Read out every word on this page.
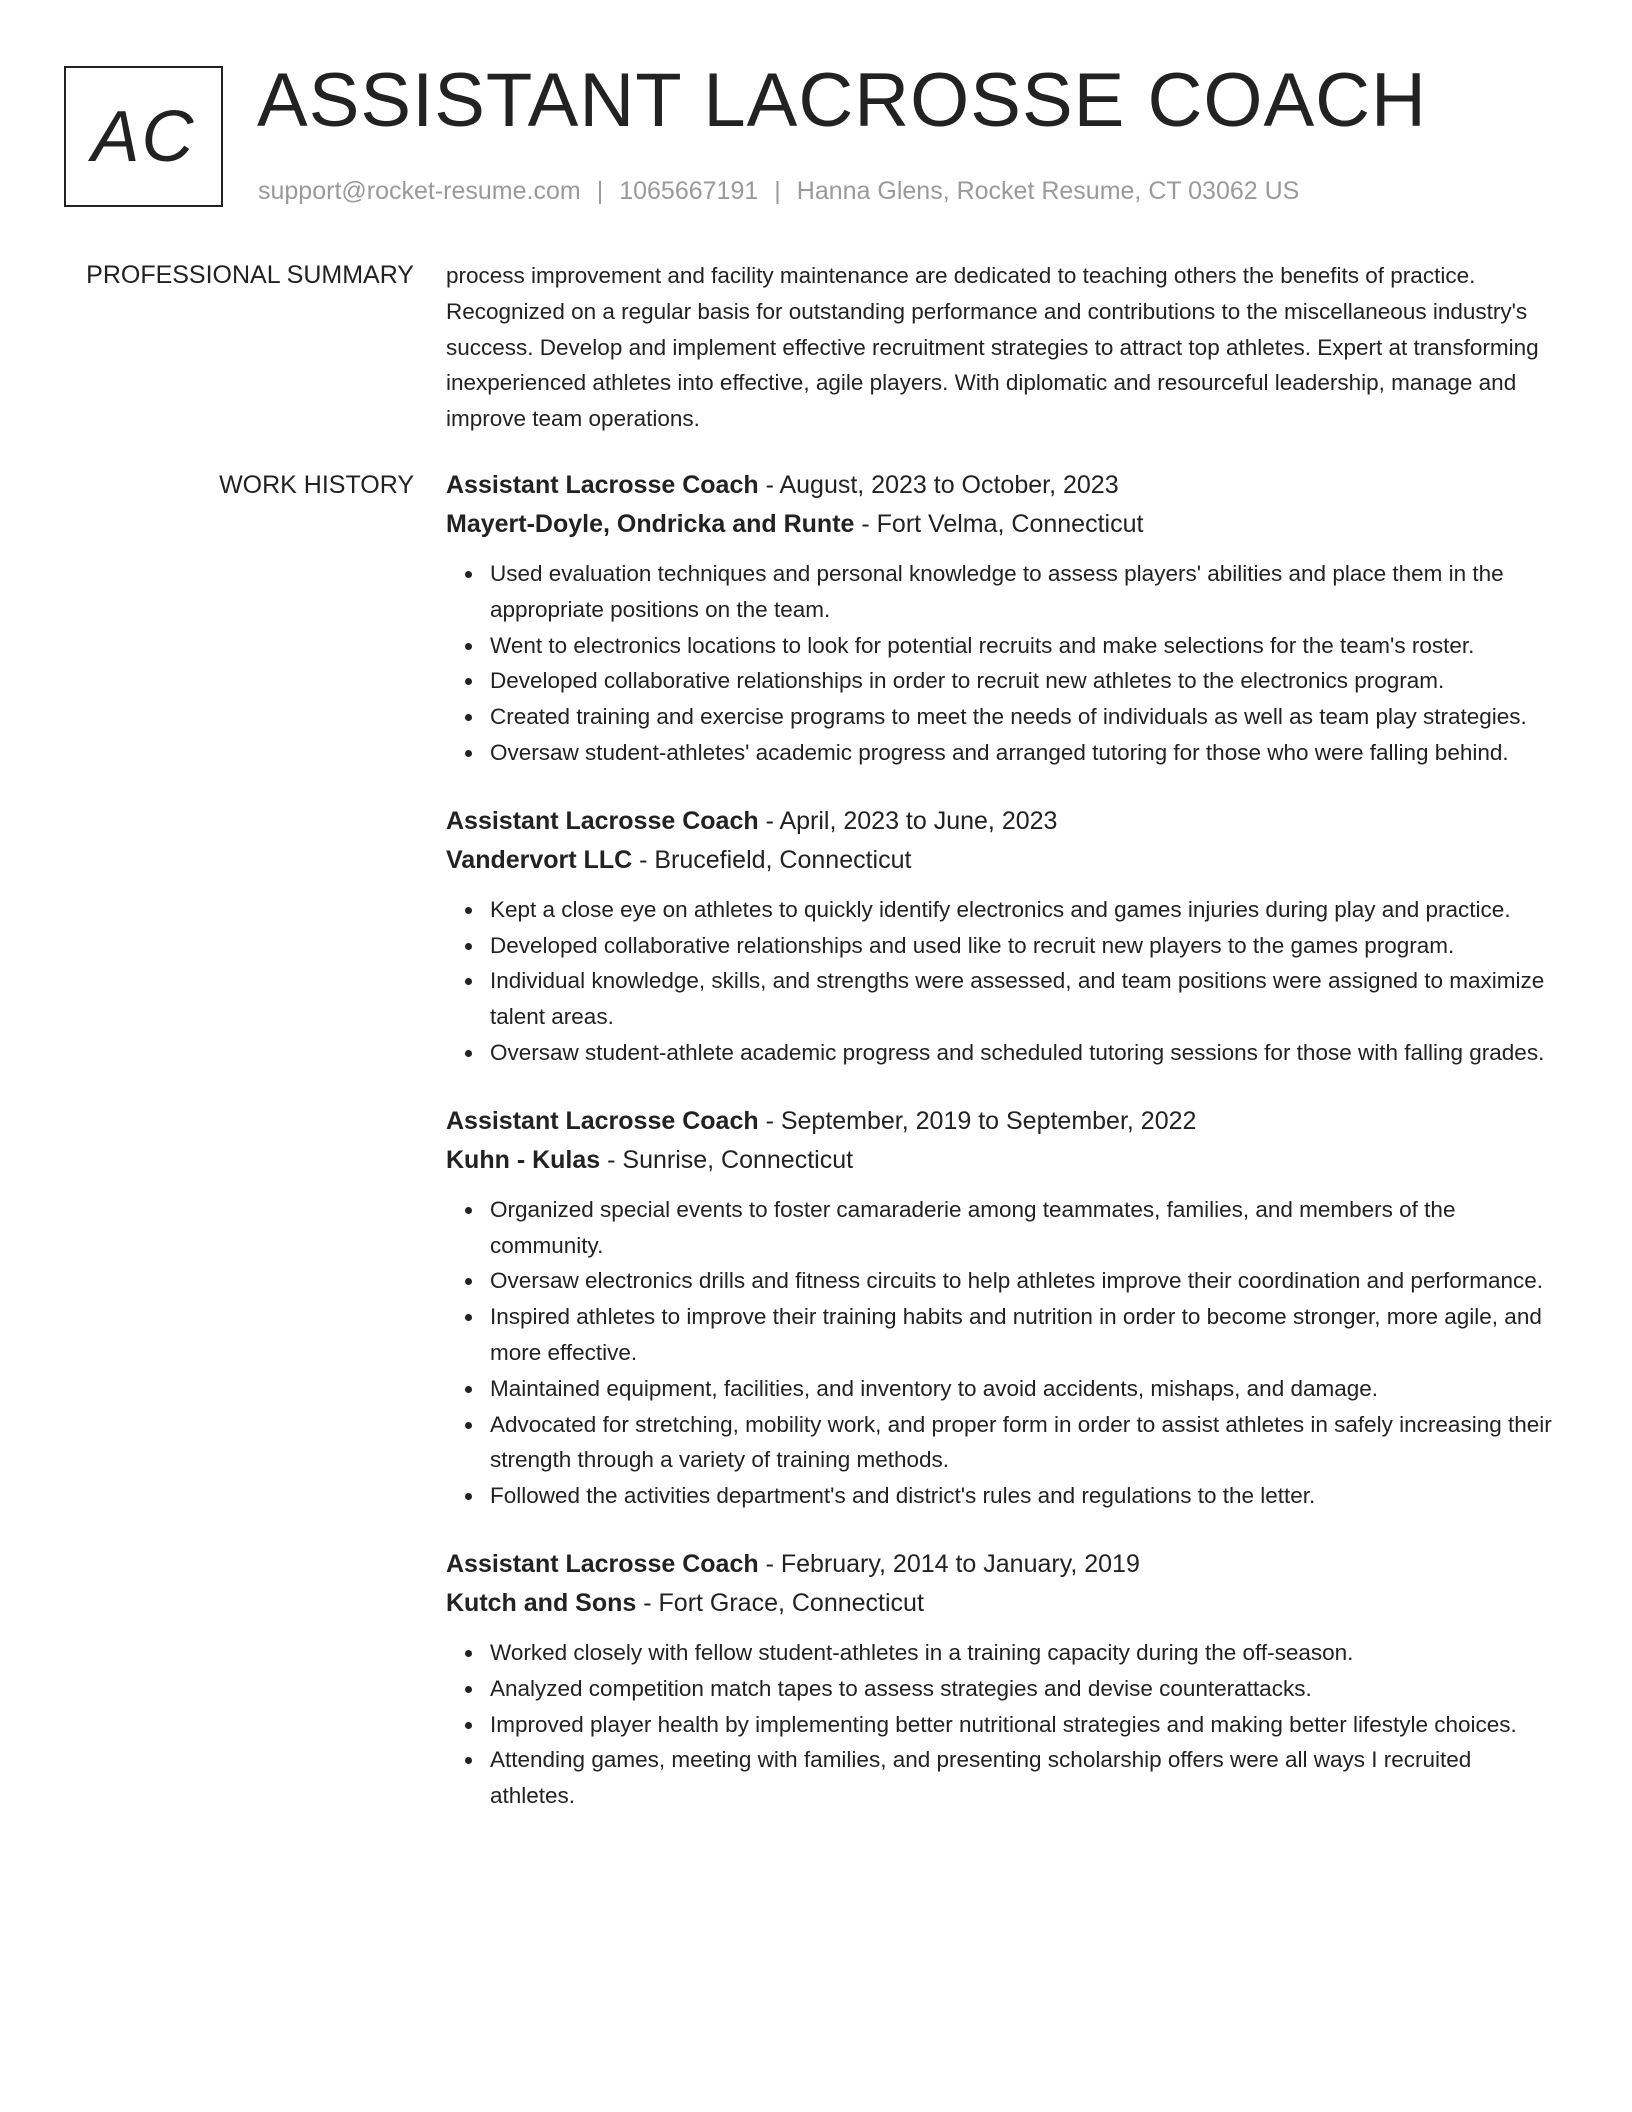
AC ASSISTANT LACROSSE COACH
support@rocket-resume.com | 1065667191 | Hanna Glens, Rocket Resume, CT 03062 US
PROFESSIONAL SUMMARY process improvement and facility maintenance are dedicated to teaching others the benefits of practice. Recognized on a regular basis for outstanding performance and contributions to the miscellaneous industry's success. Develop and implement effective recruitment strategies to attract top athletes. Expert at transforming inexperienced athletes into effective, agile players. With diplomatic and resourceful leadership, manage and improve team operations.

WORK HISTORY Assistant Lacrosse Coach - August, 2023 to October, 2023
Mayert-Doyle, Ondricka and Runte - Fort Velma, Connecticut
Used evaluation techniques and personal knowledge to assess players' abilities and place them in the appropriate positions on the team.
Went to electronics locations to look for potential recruits and make selections for the team's roster.
Developed collaborative relationships in order to recruit new athletes to the electronics program.
Created training and exercise programs to meet the needs of individuals as well as team play strategies.
Oversaw student-athletes' academic progress and arranged tutoring for those who were falling behind.
Assistant Lacrosse Coach - April, 2023 to June, 2023
Vandervort LLC - Brucefield, Connecticut
Kept a close eye on athletes to quickly identify electronics and games injuries during play and practice.
Developed collaborative relationships and used like to recruit new players to the games program.
Individual knowledge, skills, and strengths were assessed, and team positions were assigned to maximize talent areas.
Oversaw student-athlete academic progress and scheduled tutoring sessions for those with falling grades.
Assistant Lacrosse Coach - September, 2019 to September, 2022
Kuhn - Kulas - Sunrise, Connecticut
Organized special events to foster camaraderie among teammates, families, and members of the community.
Oversaw electronics drills and fitness circuits to help athletes improve their coordination and performance.
Inspired athletes to improve their training habits and nutrition in order to become stronger, more agile, and more effective.
Maintained equipment, facilities, and inventory to avoid accidents, mishaps, and damage.
Advocated for stretching, mobility work, and proper form in order to assist athletes in safely increasing their strength through a variety of training methods.
Followed the activities department's and district's rules and regulations to the letter.
Assistant Lacrosse Coach - February, 2014 to January, 2019
Kutch and Sons - Fort Grace, Connecticut
Worked closely with fellow student-athletes in a training capacity during the off-season.
Analyzed competition match tapes to assess strategies and devise counterattacks.
Improved player health by implementing better nutritional strategies and making better lifestyle choices.
Attending games, meeting with families, and presenting scholarship offers were all ways I recruited athletes.
